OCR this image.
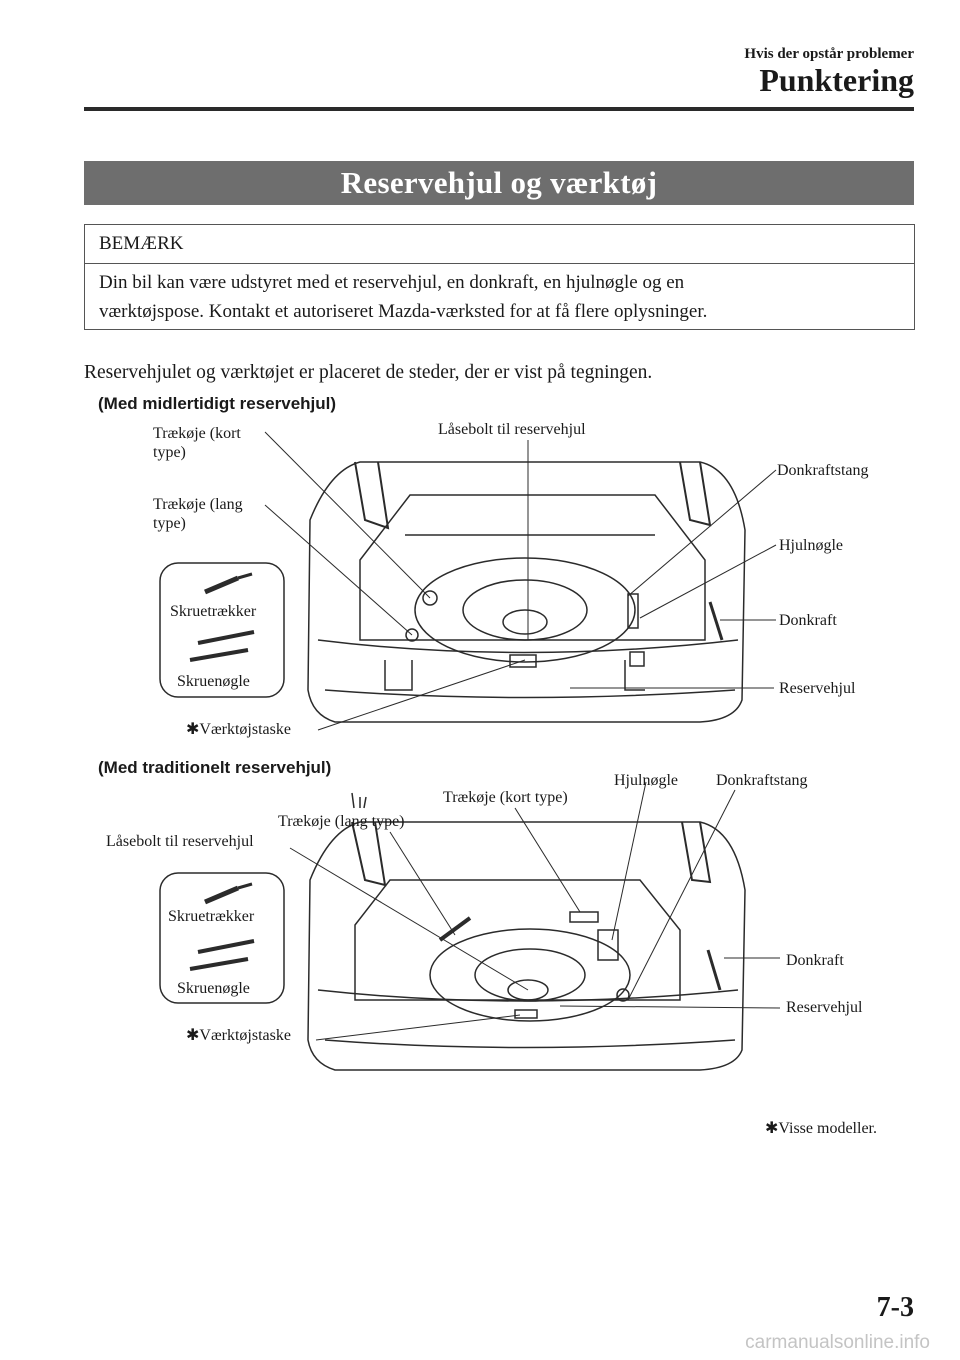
Hvis der opstår problemer
Punktering
Reservehjul og værktøj
BEMÆRK
Din bil kan være udstyret med et reservehjul, en donkraft, en hjulnøgle og en
værktøjspose. Kontakt et autoriseret Mazda-værksted for at få flere oplysninger.
Reservehjulet og værktøjet er placeret de steder, der er vist på tegningen.
(Med midlertidigt reservehjul)
Trækøje (kort
type)
Trækøje (lang
type)
Låsebolt til reservehjul
Donkraftstang
Hjulnøgle
Donkraft
Reservehjul
Skruetrækker
Skruenøgle
✱Værktøjstaske
(Med traditionelt reservehjul)
Hjulnøgle Donkraftstang
Trækøje (kort type)
Trækøje (lang type)
Låsebolt til reservehjul
Donkraft
Reservehjul
Skruetrækker
Skruenøgle
✱Værktøjstaske
✱Visse modeller.
7-3
carmanualsonline.info
